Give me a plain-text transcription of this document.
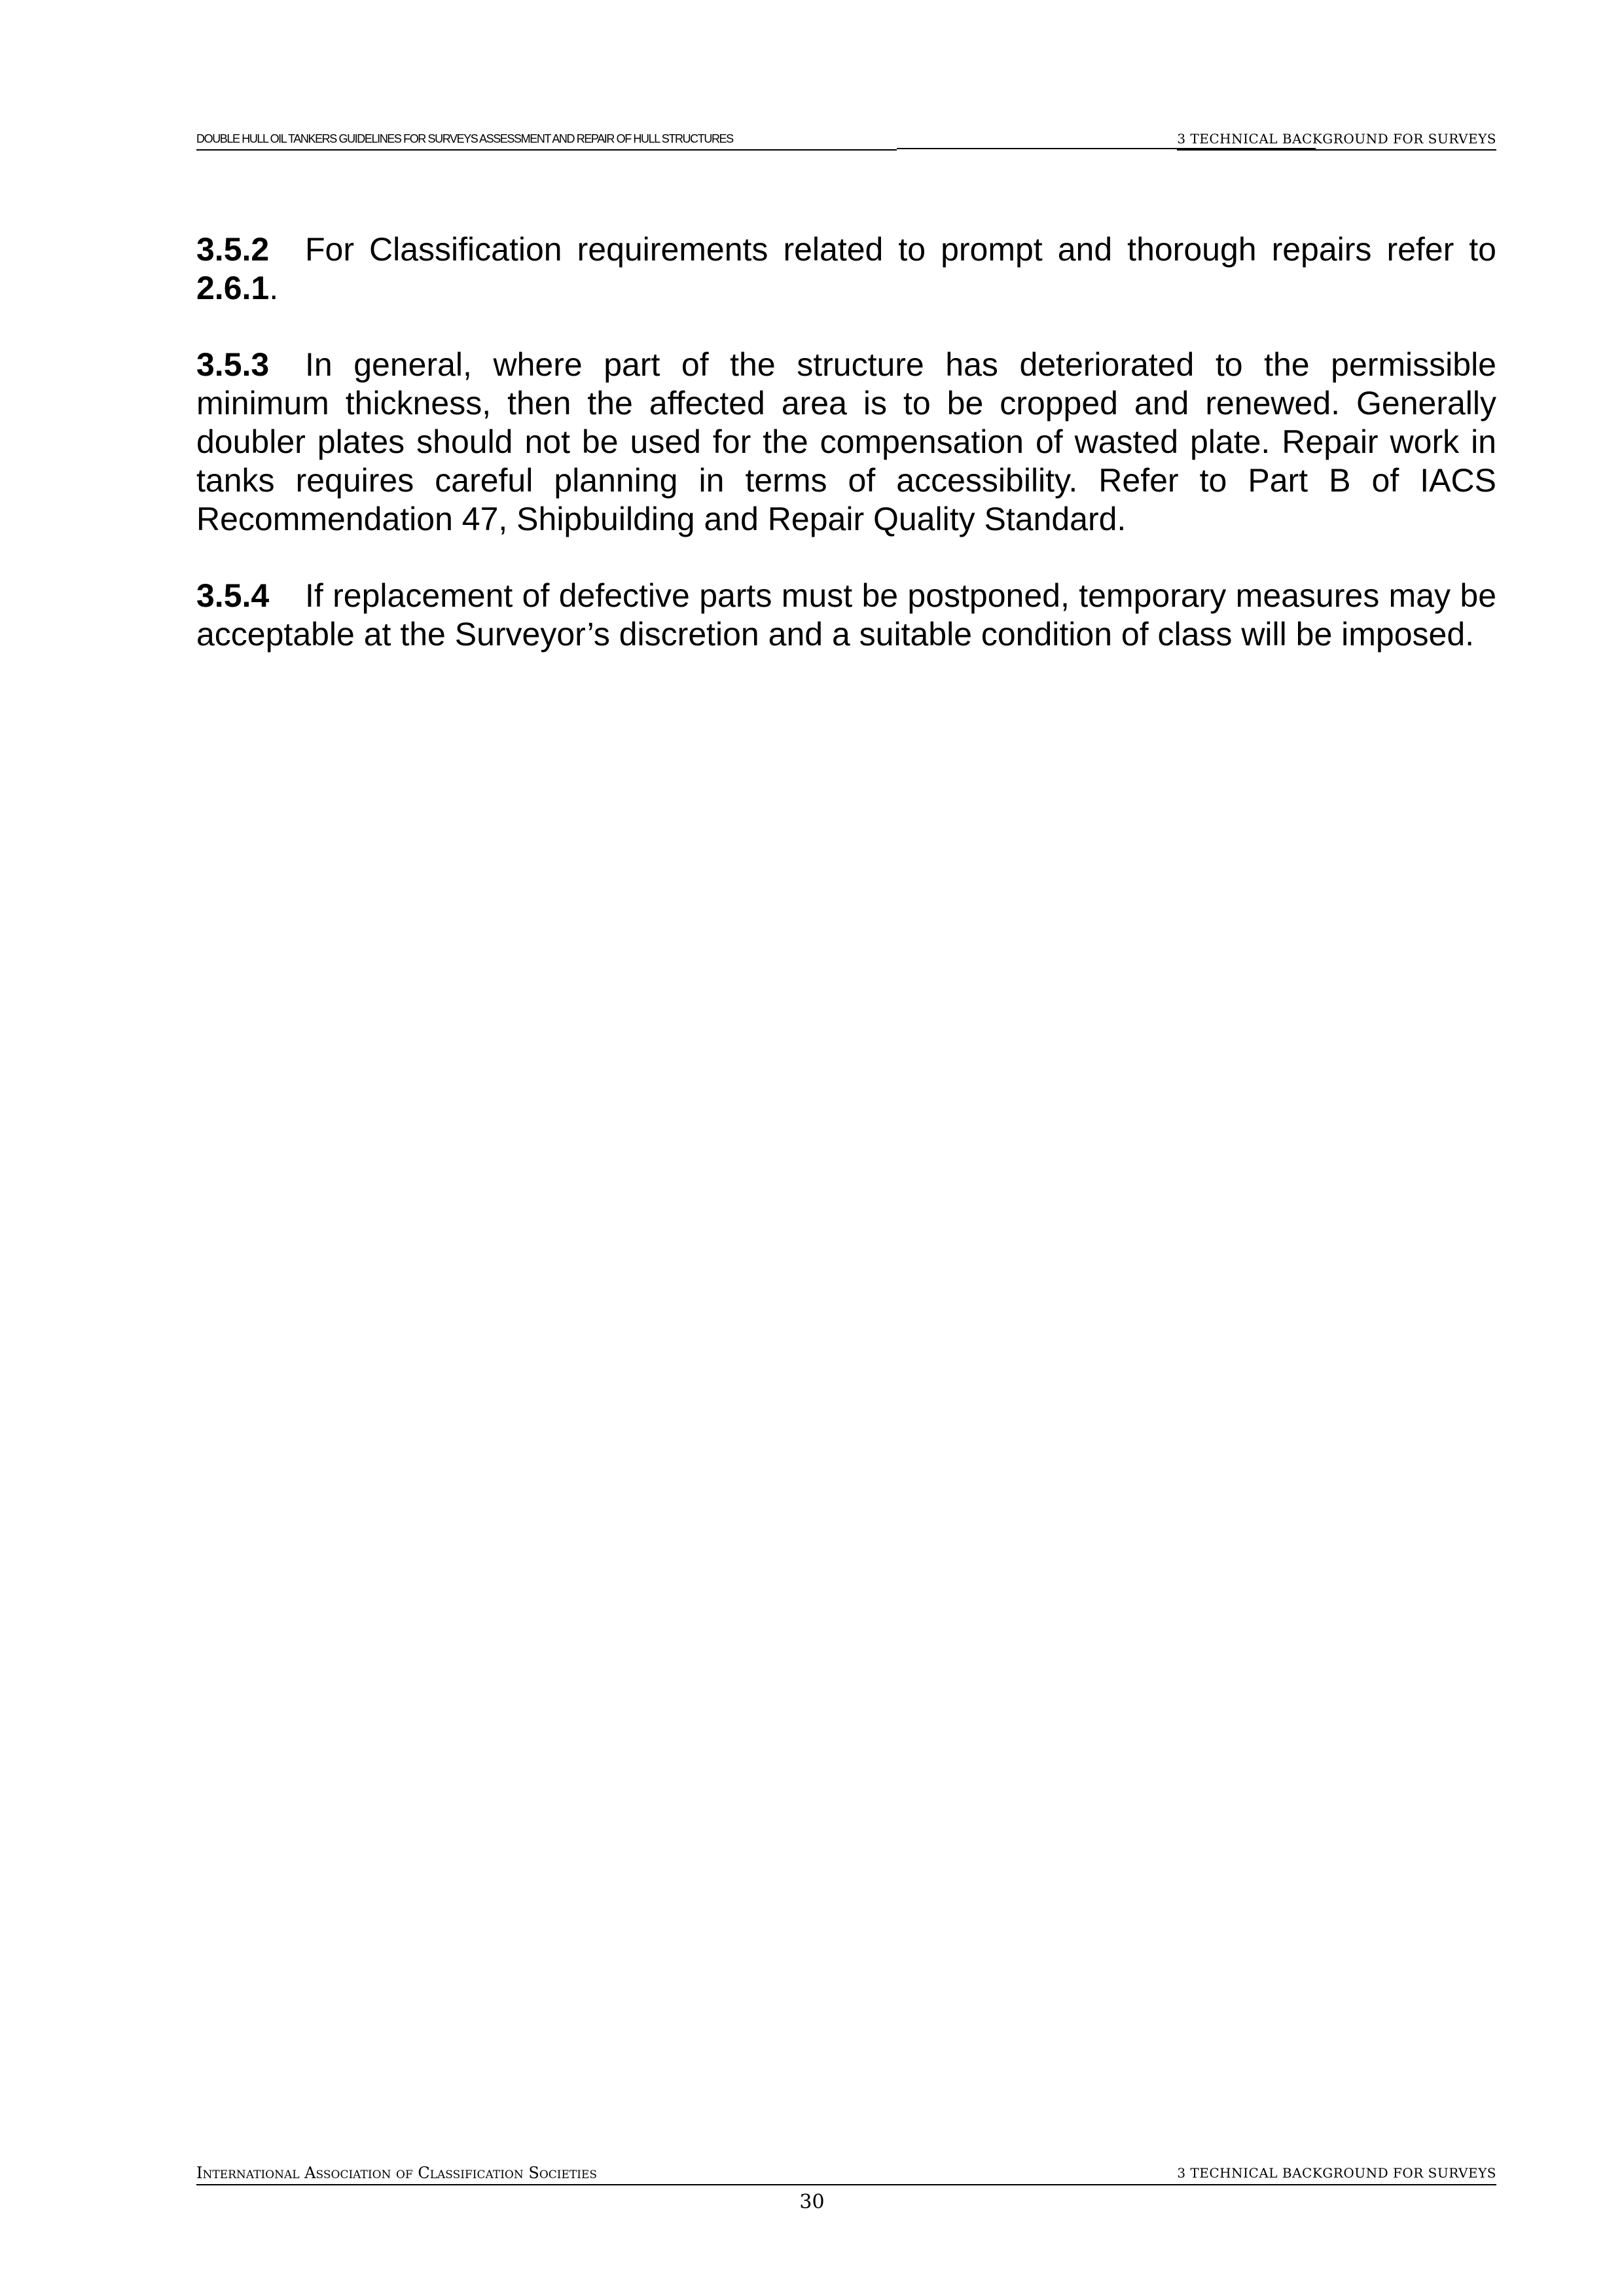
DOUBLE HULL OIL TANKERS GUIDELINES FOR SURVEYS ASSESSMENT AND REPAIR OF HULL STRUCTURES	3 TECHNICAL BACKGROUND FOR SURVEYS

3.5.2 For Classification requirements related to prompt and thorough repairs refer to 2.6.1.

3.5.3 In general, where part of the structure has deteriorated to the permissible minimum thickness, then the affected area is to be cropped and renewed. Generally doubler plates should not be used for the compensation of wasted plate. Repair work in tanks requires careful planning in terms of accessibility. Refer to Part B of IACS Recommendation 47, Shipbuilding and Repair Quality Standard.

3.5.4 If replacement of defective parts must be postponed, temporary measures may be acceptable at the Surveyor’s discretion and a suitable condition of class will be imposed.

International Association of Classification Societies	3 TECHNICAL BACKGROUND FOR SURVEYS
30
